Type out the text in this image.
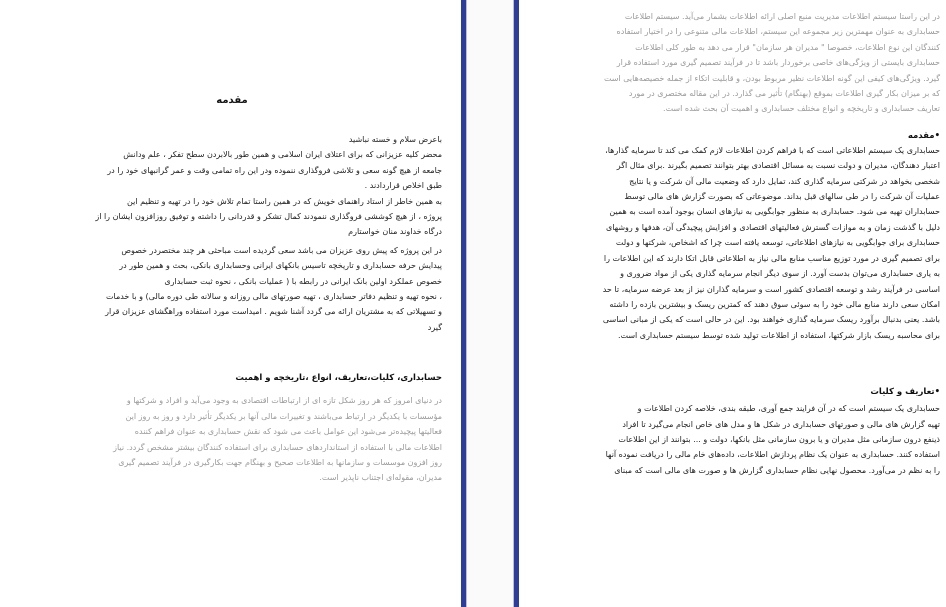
مقدمه

باعرض سلام و خسته نباشید

محضر کلیه عزیزانی که برای اعتلای ایران اسلامی و همین طور بالابردن سطح تفکر ، علم ودانش

جامعه از هیچ گونه سعی و تلاشی فروگذاری ننموده ودر این راه تمامی وقت و عمر گرانبهای خود را در

طبق اخلاص قراردادند .

به همین خاطر از استاد راهنمای خویش که در همین راستا تمام تلاش خود را در تهیه و تنظیم این

پروژه ، از هیچ کوششی فروگذاری ننمودند کمال تشکر و قدردانی را داشته و توفیق روزافزون ایشان را از

درگاه خداوند منان خواستارم

در این پروژه که پیش روی عزیزان می باشد سعی گردیده است مباحثی هر چند مختصردر خصوص

پیدایش حرفه حسابداری و تاریخچه تاسیس بانکهای ایرانی وحسابداری بانکی، بحث و همین طور در

خصوص عملکرد اولین بانک ایرانی در رابطه با ( عملیات بانکی ، نحوه ثبت حسابداری

، نحوه تهیه و تنظیم دفاتر حسابداری ، تهیه صورتهای مالی روزانه و سالانه طی دوره مالی) و با خدمات

و تسهیلاتی که به مشتریان ارائه می گردد آشنا شویم . امیداست مورد استفاده وراهگشای عزیزان قرار

گیرد

حسابداری، کلیات،تعاریف، انواع ،تاریخچه و اهمیت

در دنیای امروز که هر روز شکل تازه ای از ارتباطات اقتصادی به وجود می‌آید و افراد و شرکتها و

مؤسسات با یکدیگر در ارتباط می‌باشند و تغییرات مالی آنها بر یکدیگر تأثیر دارد و روز به روز این

فعالیتها پیچیده‌تر می‌شود این عوامل باعث می شود که نقش حسابداری به عنوان فراهم کننده

اطلاعات مالی با استفاده از استانداردهای حسابداری برای استفاده کنندگان بیشتر مشخص گردد. نیاز

روز افزون موسسات و سازمانها به اطلاعات صحیح و بهنگام جهت بکارگیری در فرآیند تصمیم گیری

مدیران، مقوله‌ای اجتناب ناپذیر است.

در این راستا سیستم اطلاعات مدیریت منبع اصلی ارائه اطلاعات بشمار می‌آید. سیستم اطلاعات

حسابداری به عنوان مهمترین زیر مجموعه این سیستم، اطلاعات مالی متنوعی را در اختیار استفاده

کنندگان این نوع اطلاعات، خصوصا " مدیران هر سازمان" قرار می دهد به طور کلی اطلاعات

حسابداری بایستی از ویژگی‌های خاصی برخوردار باشد تا در فرآیند تصمیم گیری مورد استفاده قرار

گیرد. ویژگی‌های کیفی این گونه اطلاعات نظیر مربوط بودن، و قابلیت اتکاء از جمله خصیصه‌هایی است

که بر میزان بکار گیری اطلاعات بموقع (بهنگام) تأثیر می گذارد. در این مقاله مختصری در مورد

تعاریف حسابداری و تاریخچه و انواع مختلف حسابداری و اهمیت آن بحث شده است.

•مقدمه

حسابداری یک سیستم اطلاعاتی است که با فراهم کردن اطلاعات لازم کمک می کند تا سرمایه گذارها،

اعتبار دهندگان، مدیران و دولت نسبت به مسائل اقتصادی بهتر بتوانند تصمیم بگیرند .برای مثال اگر

شخصی بخواهد در شرکتی سرمایه گذاری کند، تمایل دارد که وضعیت مالی آن شرکت و یا نتایج

عملیات آن شرکت را در طی سالهای قبل بداند. موضوعاتی که بصورت گزارش های مالی توسط

حسابداران تهیه می شود. حسابداری به منظور جوابگویی به نیازهای انسان بوجود آمده است به همین

دلیل با گذشت زمان و به موازات گسترش فعالیتهای اقتصادی و افزایش پیچیدگی آن، هدفها و روشهای

حسابداری برای جوابگویی به نیازهای اطلاعاتی، توسعه یافته است چرا که اشخاص، شرکتها و دولت

برای تصمیم گیری در مورد توزیع مناسب منابع مالی نیاز به اطلاعاتی قابل اتکا دارند که این اطلاعات را

به یاری حسابداری می‌توان بدست آورد. از سوی دیگر انجام سرمایه گذاری یکی از مواد ضروری و

اساسی در فرآیند رشد و توسعه اقتصادی کشور است و سرمایه گذاران نیز از بعد عرضه سرمایه، تا حد

امکان سعی دارند منابع مالی خود را به سوئی سوق دهند که کمترین ریسک و بیشترین بازده را داشته

باشد. یعنی بدنبال برآورد ریسک سرمایه گذاری خواهند بود. این در حالی است که یکی از مبانی اساسی

برای محاسبه ریسک بازار شرکتها، استفاده از اطلاعات تولید شده توسط سیستم حسابداری است.

•تعاریف و کلیات

حسابداری یک سیستم است که در آن فرایند جمع آوری، طبقه بندی، خلاصه کردن اطلاعات و

تهیه گزارش های مالی و صورتهای حسابداری در شکل ها و مدل های خاص انجام می‌گیرد تا افراد

ذینفع درون سازمانی مثل مدیران و یا برون سازمانی مثل بانکها، دولت و ... بتوانند از این اطلاعات

استفاده کنند. حسابداری به عنوان یک نظام پردازش اطلاعات، داده‌های خام مالی را دریافت نموده آنها

را به نظم در می‌آورد. محصول نهایی نظام حسابداری گزارش ها و صورت های مالی است که مبنای
